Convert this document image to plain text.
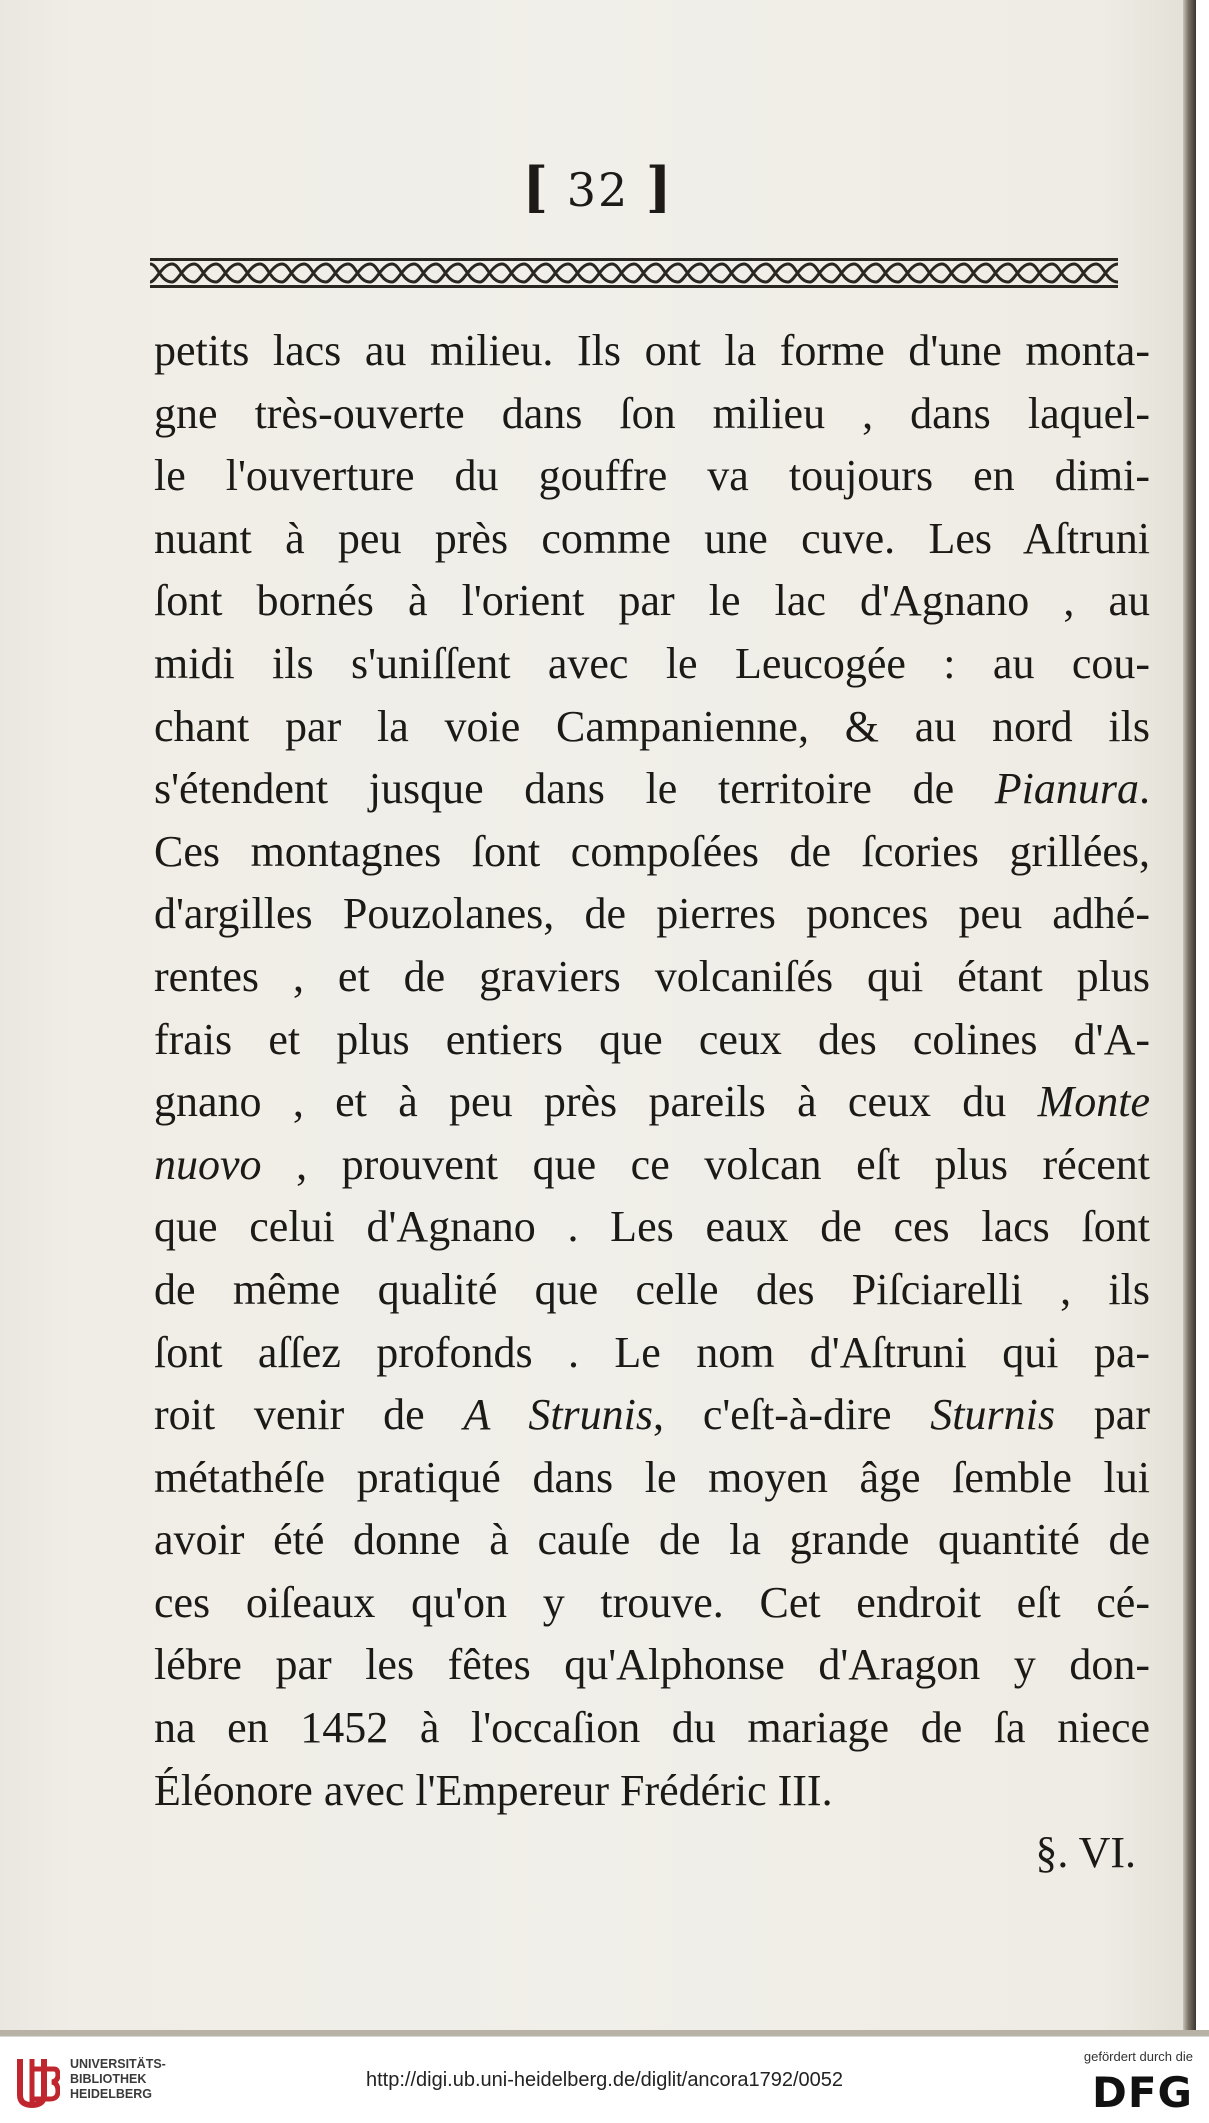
[ 32 ]
petits lacs au milieu. Ils ont la forme d'une monta-
gne très-ouverte dans ſon milieu , dans laquel-
le l'ouverture du gouffre va toujours en dimi-
nuant à peu près comme une cuve. Les Aſtruni
ſont bornés à l'orient par le lac d'Agnano , au
midi ils s'uniſſent avec le Leucogée : au cou-
chant par la voie Campanienne, & au nord ils
s'étendent jusque dans le territoire de Pianura.
Ces montagnes ſont compoſées de ſcories grillées,
d'argilles Pouzolanes, de pierres ponces peu adhé-
rentes , et de graviers volcaniſés qui étant plus
frais et plus entiers que ceux des colines d'A-
gnano , et à peu près pareils à ceux du Monte
nuovo , prouvent que ce volcan eſt plus récent
que celui d'Agnano . Les eaux de ces lacs ſont
de même qualité que celle des Piſciarelli , ils
ſont aſſez profonds . Le nom d'Aſtruni qui pa-
roit venir de A Strunis, c'eſt-à-dire Sturnis par
métathéſe pratiqué dans le moyen âge ſemble lui
avoir été donne à cauſe de la grande quantité de
ces oiſeaux qu'on y trouve. Cet endroit eſt cé-
lébre par les fêtes qu'Alphonse d'Aragon y don-
na en 1452 à l'occaſion du mariage de ſa niece
Éléonore avec l'Empereur Frédéric III.
§. VI.
UNIVERSITÄTS-
BIBLIOTHEK
HEIDELBERG
http://digi.ub.uni-heidelberg.de/diglit/ancora1792/0052
gefördert durch die
DFG
